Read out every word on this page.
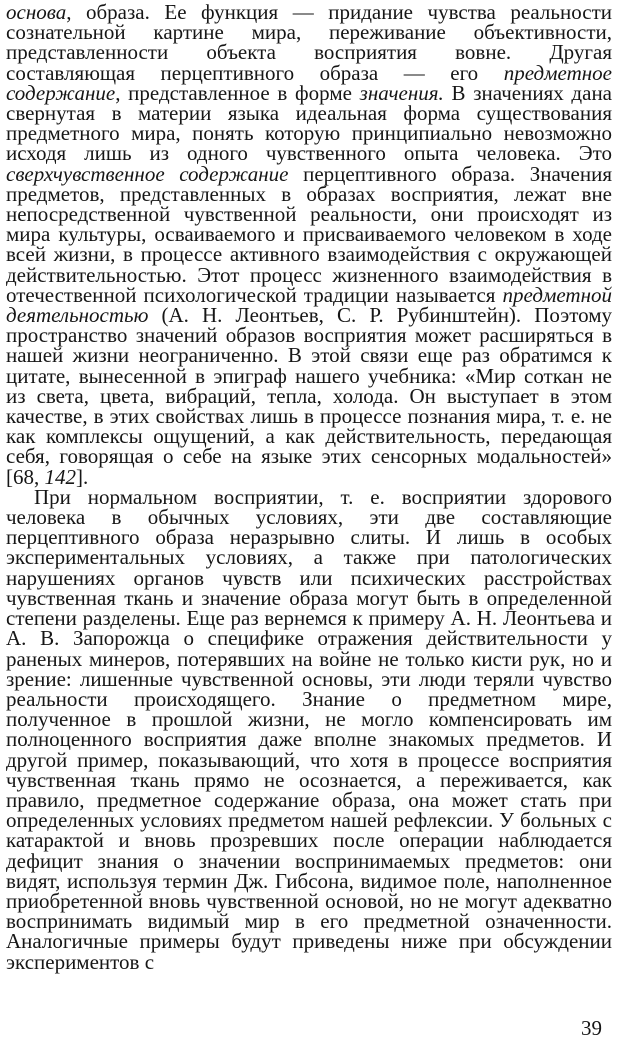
основа, образа. Ее функция — придание чувства реальности сознательной картине мира, переживание объективности, представленности объекта восприятия вовне. Другая составляющая перцептивного образа — его предметное содержание, представленное в форме значения. В значениях дана свернутая в материи языка идеальная форма существования предметного мира, понять которую принципиально невозможно исходя лишь из одного чувственного опыта человека. Это сверхчувственное содержание перцептивного образа. Значения предметов, представленных в образах восприятия, лежат вне непосредственной чувственной реальности, они происходят из мира культуры, осваиваемого и присваиваемого человеком в ходе всей жизни, в процессе активного взаимодействия с окружающей действительностью. Этот процесс жизненного взаимодействия в отечественной психологической традиции называется предметной деятельностью (А. Н. Леонтьев, С. Р. Рубинштейн). Поэтому пространство значений образов восприятия может расширяться в нашей жизни неограниченно. В этой связи еще раз обратимся к цитате, вынесенной в эпиграф нашего учебника: «Мир соткан не из света, цвета, вибраций, тепла, холода. Он выступает в этом качестве, в этих свойствах лишь в процессе познания мира, т. е. не как комплексы ощущений, а как действительность, передающая себя, говорящая о себе на языке этих сенсорных модальностей» [68, 142].

При нормальном восприятии, т. е. восприятии здорового человека в обычных условиях, эти две составляющие перцептивного образа неразрывно слиты. И лишь в особых экспериментальных условиях, а также при патологических нарушениях органов чувств или психических расстройствах чувственная ткань и значение образа могут быть в определенной степени разделены. Еще раз вернемся к примеру А. Н. Леонтьева и А. В. Запорожца о специфике отражения действительности у раненых минеров, потерявших на войне не только кисти рук, но и зрение: лишенные чувственной основы, эти люди теряли чувство реальности происходящего. Знание о предметном мире, полученное в прошлой жизни, не могло компенсировать им полноценного восприятия даже вполне знакомых предметов. И другой пример, показывающий, что хотя в процессе восприятия чувственная ткань прямо не осознается, а переживается, как правило, предметное содержание образа, она может стать при определенных условиях предметом нашей рефлексии. У больных с катарактой и вновь прозревших после операции наблюдается дефицит знания о значении воспринимаемых предметов: они видят, используя термин Дж. Гибсона, видимое поле, наполненное приобретенной вновь чувственной основой, но не могут адекватно воспринимать видимый мир в его предметной означенности. Аналогичные примеры будут приведены ниже при обсуждении экспериментов с

39
